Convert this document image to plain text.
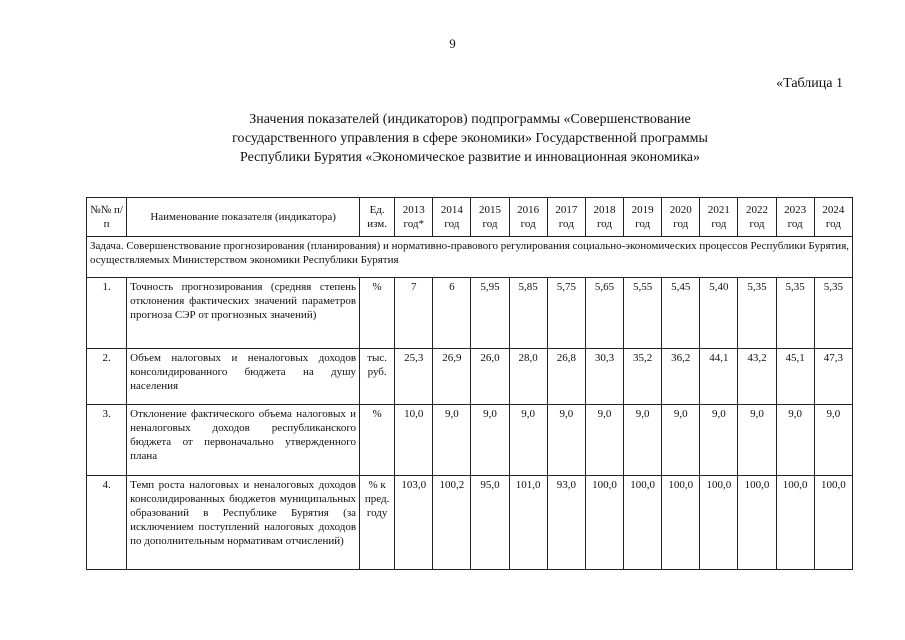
9
«Таблица 1
Значения показателей (индикаторов) подпрограммы «Совершенствование
государственного управления в сфере экономики» Государственной программы
Республики Бурятия «Экономическое развитие и инновационная экономика»
№№ п/п	Наименование показателя (индикатора)	Ед. изм.	2013 год*	2014 год	2015 год	2016 год	2017 год	2018 год	2019 год	2020 год	2021 год	2022 год	2023 год	2024 год
Задача. Совершенствование прогнозирования (планирования) и нормативно-правового регулирования социально-экономических процессов Республики Бурятия, осуществляемых Министерством экономики Республики Бурятия														
1.	Точность прогнозирования (средняя степень отклонения фактических значений параметров прогноза СЭР от прогнозных значений)	%	7	6	5,95	5,85	5,75	5,65	5,55	5,45	5,40	5,35	5,35	5,35
2.	Объем налоговых и неналоговых доходов консолидированного бюджета на душу населения	тыс. руб.	25,3	26,9	26,0	28,0	26,8	30,3	35,2	36,2	44,1	43,2	45,1	47,3
3.	Отклонение фактического объема налоговых и неналоговых доходов республиканского бюджета от первоначально утвержденного плана	%	10,0	9,0	9,0	9,0	9,0	9,0	9,0	9,0	9,0	9,0	9,0	9,0
4.	Темп роста налоговых и неналоговых доходов консолидированных бюджетов муниципальных образований в Республике Бурятия (за исключением поступлений налоговых доходов по дополнительным нормативам отчислений)	% к пред. году	103,0	100,2	95,0	101,0	93,0	100,0	100,0	100,0	100,0	100,0	100,0	100,0
